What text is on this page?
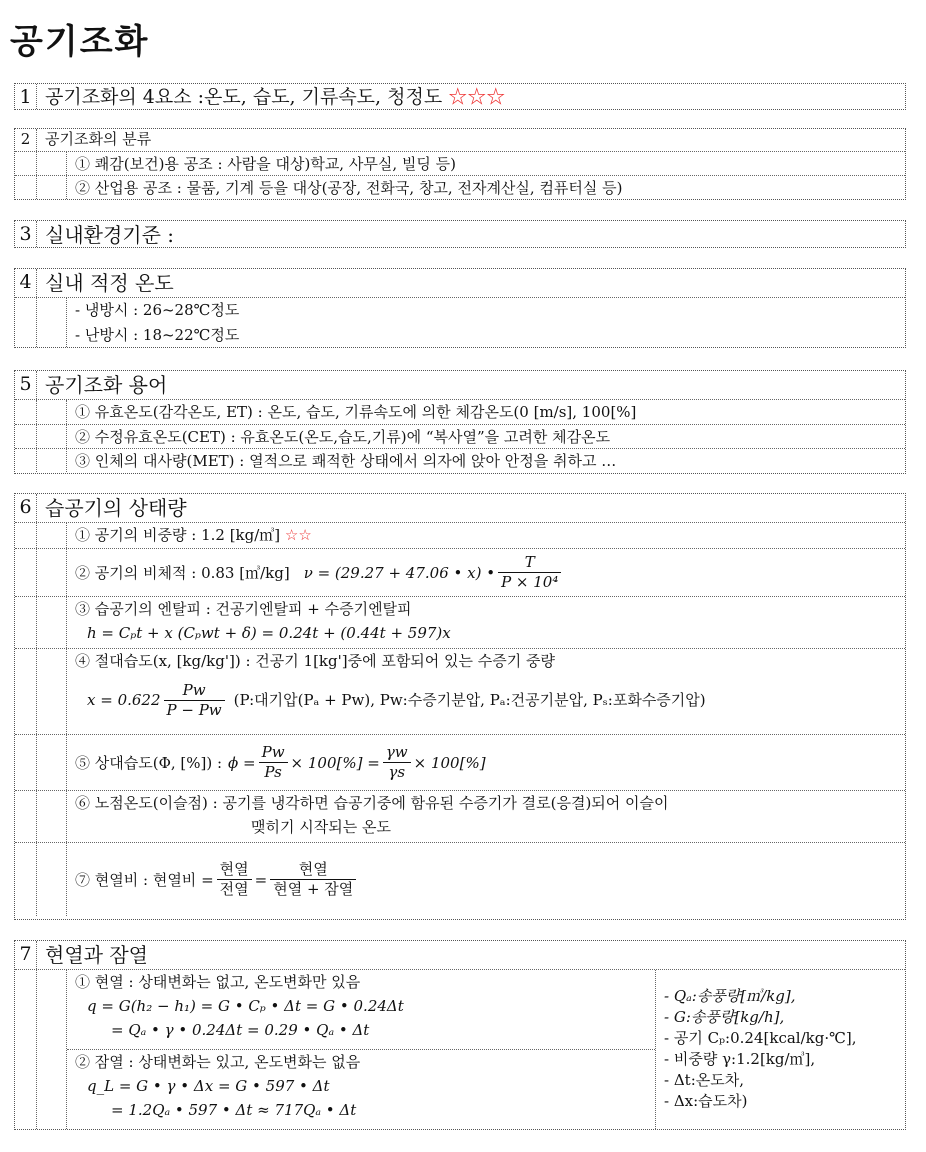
공기조화
1 공기조화의 4요소 :온도, 습도, 기류속도, 청정도 ☆☆☆
2 공기조화의 분류
① 쾌감(보건)용 공조 : 사람을 대상)학교, 사무실, 빌딩 등)
② 산업용 공조 : 물품, 기계 등을 대상(공장, 전화국, 창고, 전자계산실, 컴퓨터실 등)
3 실내환경기준 :
4 실내 적정 온도
- 냉방시 : 26~28℃정도
- 난방시 : 18~22℃정도
5 공기조화 용어
① 유효온도(감각온도, ET) : 온도, 습도, 기류속도에 의한 체감온도(0 [m/s], 100[%]
② 수정유효온도(CET) : 유효온도(온도,습도,기류)에 “복사열”을 고려한 체감온도
③ 인체의 대사량(MET) : 열적으로 쾌적한 상태에서 의자에 앉아 안정을 취하고 …
6 습공기의 상태량
① 공기의 비중량 : 1.2 [kg/㎥] ☆☆
② 공기의 비체적 : 0.83 [㎥/kg] ν = (29.27 + 47.06 • x) • $\frac{T}{\text{P × 10⁴}}$
③ 습공기의 엔탈피 : 건공기엔탈피 + 수증기엔탈피
h = Cₚt + x (Cₚwt + δ) = 0.24t + (0.44t + 597)x
④ 절대습도(x, [kg/kg']) : 건공기 1[kg']중에 포함되어 있는 수증기 중량
$x = 0.622 \frac{Pw}{P - Pw} (P$:대기압(Pₐ + Pw), Pw:수증기분압, Pₐ:건공기분압, Pₛ:포화수증기압)
⑤ 상대습도(Φ, [%]) : $\phi = \frac{Pw}{Ps} \times 100[\%] = \frac{\gamma w}{\gamma s} \times 100[\%]$
⑥ 노점온도(이슬점) : 공기를 냉각하면 습공기중에 함유된 수증기가 결로(응결)되어 이슬이
맺히기 시작되는 온도
⑦ 현열비 : 현열비 = $\frac{\text{현열}}{\text{전열}} = \frac{\text{현열}}{\text{현열 + 잠열}}$
7 현열과 잠열
① 현열 : 상태변화는 없고, 온도변화만 있음
q = G(h₂ − h₁) = G • Cₚ • Δt = G • 0.24Δt
= Qₐ • γ • 0.24Δt = 0.29 • Qₐ • Δt
② 잠열 : 상태변화는 있고, 온도변화는 없음
q_L = G • γ • Δx = G • 597 • Δt
= 1.2Qₐ • 597 • Δt ≈ 717Qₐ • Δt
- Qₐ:송풍량[㎥/kg],
- G:송풍량[kg/h],
- 공기 Cₚ:0.24[kcal/kg·℃],
- 비중량 γ:1.2[kg/㎥],
- Δt:온도차,
- Δx:습도차)
